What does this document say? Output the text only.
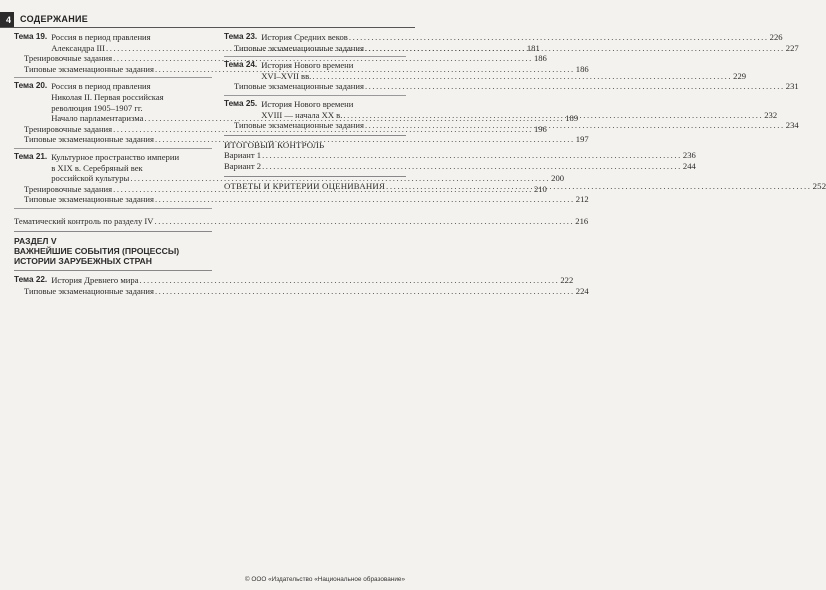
4	СОДЕРЖАНИЕ
Тема 19. Россия в период правления
Александра III .....	181
Тренировочные задания .....	186
Типовые экзаменационные задания .....	186
Тема 20. Россия в период правления
Николая II. Первая российская
революция 1905–1907 гг.
Начало парламентаризма .....	189
Тренировочные задания .....	196
Типовые экзаменационные задания .....	197
Тема 21. Культурное пространство империи
в XIX в. Серебряный век
российской культуры .....	200
Тренировочные задания .....	210
Типовые экзаменационные задания .....	212
Тематический контроль по разделу IV .....	216
РАЗДЕЛ V
ВАЖНЕЙШИЕ СОБЫТИЯ (ПРОЦЕССЫ)
ИСТОРИИ ЗАРУБЕЖНЫХ СТРАН
Тема 22. История Древнего мира .....	222
Типовые экзаменационные задания .....	224
Тема 23. История Средних веков .....	226
Типовые экзаменационные задания .....	227
Тема 24. История Нового времени
XVI–XVII вв. .....	229
Типовые экзаменационные задания .....	231
Тема 25. История Нового времени
XVIII — начала XX в. .....	232
Типовые экзаменационные задания .....	234
ИТОГОВЫЙ КОНТРОЛЬ
Вариант 1 .....	236
Вариант 2 .....	244
ОТВЕТЫ И КРИТЕРИИ ОЦЕНИВАНИЯ .....	252
© ООО «Издательство «Национальное образование»
